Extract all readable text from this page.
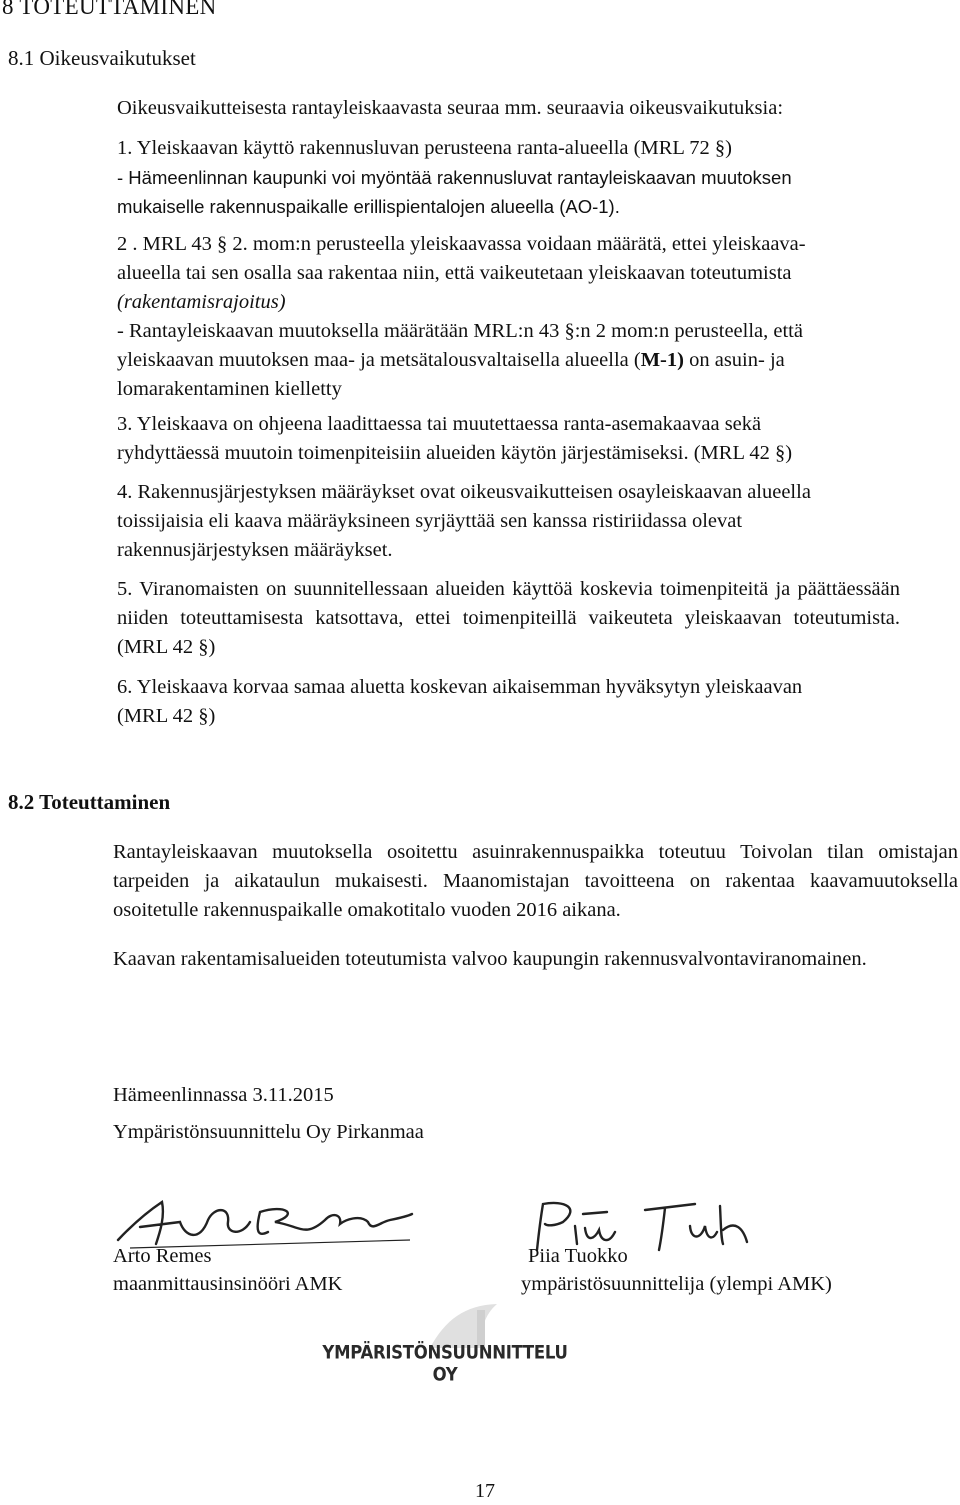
8 TOTEUTTAMINEN
8.1 Oikeusvaikutukset

Oikeusvaikutteisesta rantayleiskaavasta seuraa mm. seuraavia oikeusvaikutuksia:

1. Yleiskaavan käyttö rakennusluvan perusteena ranta-alueella (MRL 72 §)

- Hämeenlinnan kaupunki voi myöntää rakennusluvat rantayleiskaavan muutoksen

mukaiselle rakennuspaikalle erillispientalojen alueella (AO-1).

2 . MRL 43 § 2. mom:n perusteella yleiskaavassa voidaan määrätä, ettei yleiskaava-

alueella tai sen osalla saa rakentaa niin, että vaikeutetaan yleiskaavan toteutumista

(rakentamisrajoitus)

- Rantayleiskaavan muutoksella määrätään MRL:n 43 §:n 2 mom:n perusteella, että

yleiskaavan muutoksen maa- ja metsätalousvaltaisella alueella (M-1) on asuin- ja

lomarakentaminen kielletty

3. Yleiskaava on ohjeena laadittaessa tai muutettaessa ranta-asemakaavaa sekä

ryhdyttäessä muutoin toimenpiteisiin alueiden käytön järjestämiseksi. (MRL 42 §)

4. Rakennusjärjestyksen määräykset ovat oikeusvaikutteisen osayleiskaavan alueella

toissijaisia eli kaava määräyksineen syrjäyttää sen kanssa ristiriidassa olevat

rakennusjärjestyksen määräykset.

5. Viranomaisten on suunnitellessaan alueiden käyttöä koskevia toimenpiteitä ja päättäessään niiden toteuttamisesta katsottava, ettei toimenpiteillä vaikeuteta yleiskaavan toteutumista. (MRL 42 §)

6. Yleiskaava korvaa samaa aluetta koskevan aikaisemman hyväksytyn yleiskaavan

(MRL 42 §)

8.2 Toteuttaminen
Rantayleiskaavan muutoksella osoitettu asuinrakennuspaikka toteutuu Toivolan tilan omistajan tarpeiden ja aikataulun mukaisesti. Maanomistajan tavoitteena on rakentaa kaavamuutoksella osoitetulle rakennuspaikalle omakotitalo vuoden 2016 aikana.
Kaavan rakentamisalueiden toteutumista valvoo kaupungin rakennusvalvontaviranomainen.
Hämeenlinnassa 3.11.2015
Ympäristönsuunnittelu Oy Pirkanmaa
Arto Remes
maanmittausinsinööri AMK
Piia Tuokko
ympäristösuunnittelija (ylempi AMK)
YMPÄRISTÖNSUUNNITTELU OY
17
